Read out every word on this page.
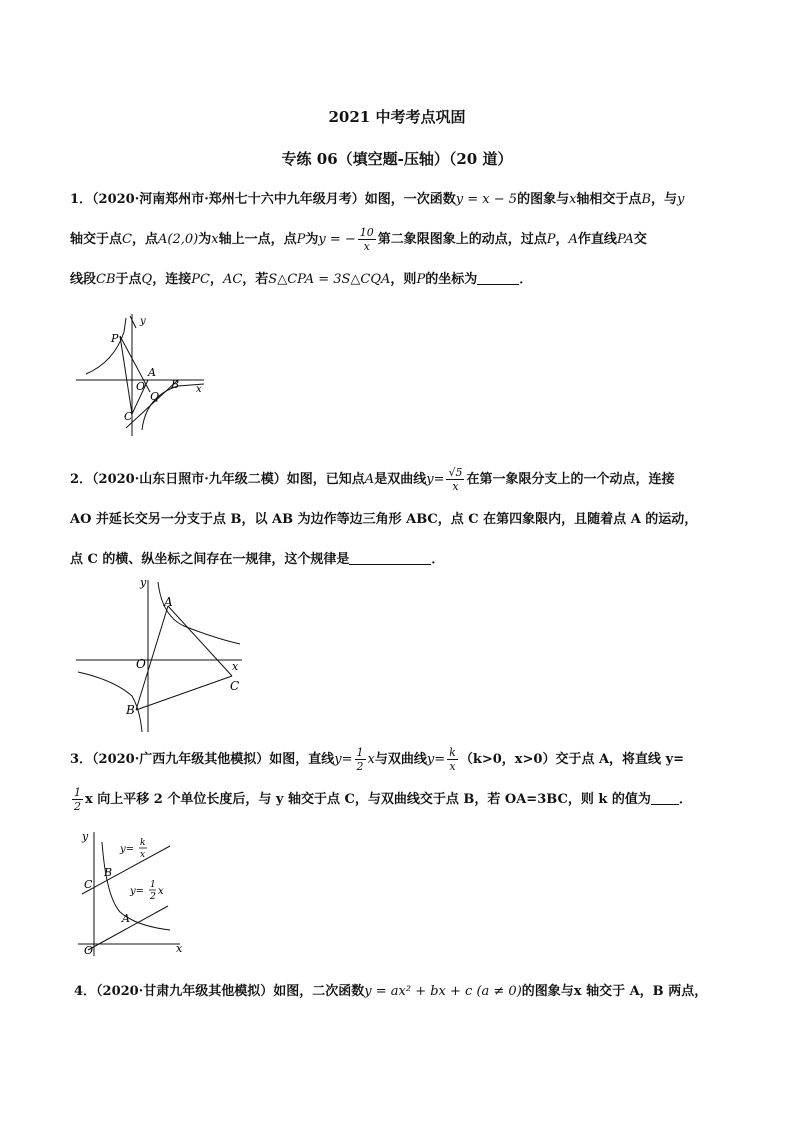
2021 中考考点巩固
专练 06（填空题-压轴）（20 道）
1．（2020·河南郑州市·郑州七十六中九年级月考）如图，一次函数y = x − 5的图象与x轴相交于点B，与y
轴交于点C，点A(2,0)为x轴上一点，点P为y = − $\frac{10}{x}$ 第二象限图象上的动点，过点P，A作直线PA交
线段CB于点Q，连接PC，AC，若S△CPA = 3S△CQA，则P的坐标为	．
y
x
P
A
O
Q
B
C
2．（2020·山东日照市·九年级二模）如图，已知点A是双曲线$y= \frac{√5}{x}$ 在第一象限分支上的一个动点，连接
AO 并延长交另一分支于点 B，以 AB 为边作等边三角形 ABC，点 C 在第四象限内，且随着点 A 的运动，
点 C 的横、纵坐标之间存在一规律，这个规律是	．
y
x
A
O
B
C
3．（2020·广西九年级其他模拟）如图，直线$y= \frac{1}{2}$ x与双曲线$y= \frac{k}{x} (k>0$，x>0）交于点 A，将直线 y=
$\frac{1}{2}$ x 向上平移 2 个单位长度后，与 y 轴交于点 C，与双曲线交于点 B，若 OA=3BC，则 k 的值为 ．
y
x
O
A
B
C
y=
k
x
y=
1
2 x
4．（2020·甘肃九年级其他模拟）如图，二次函数y = ax² + bx + c (a ≠ 0)的图象与x 轴交于 A，B 两点，
